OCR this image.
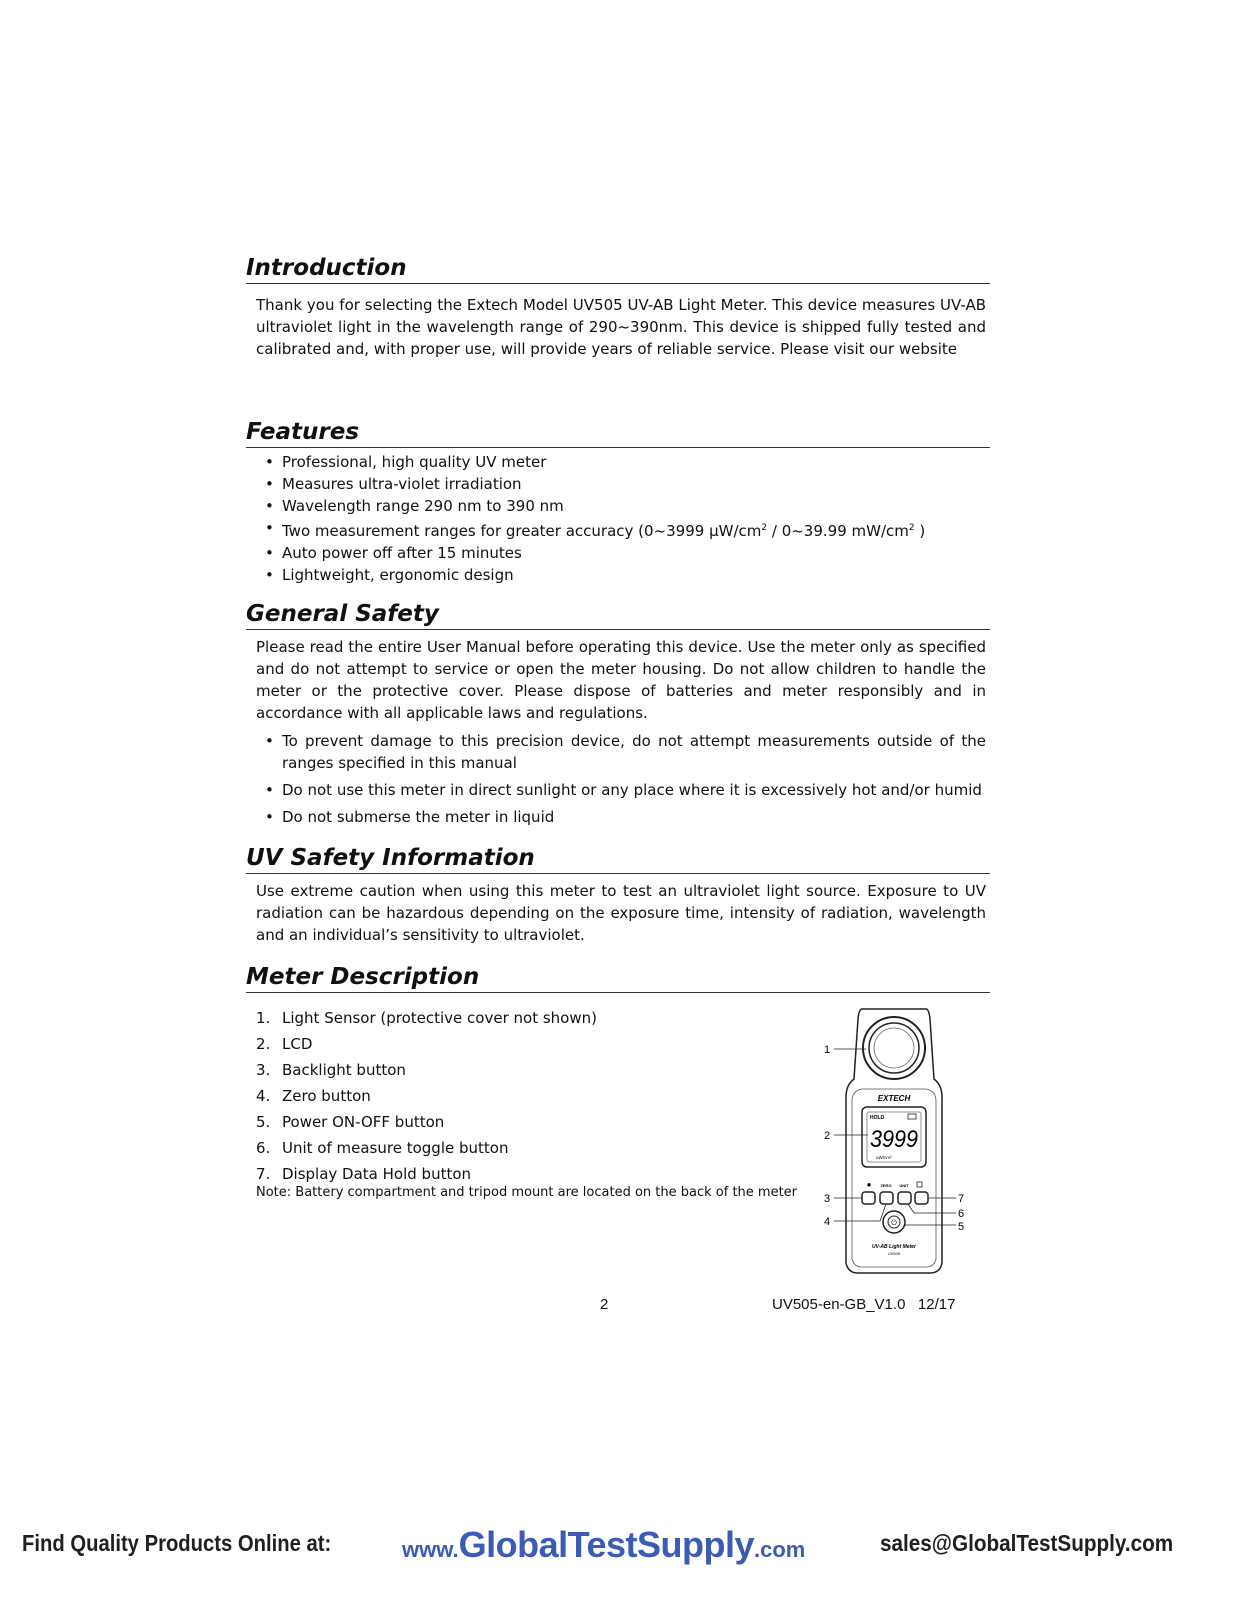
Introduction

Thank you for selecting the Extech Model UV505 UV-AB Light Meter. This device measures UV-AB ultraviolet light in the wavelength range of 290~390nm. This device is shipped fully tested and calibrated and, with proper use, will provide years of reliable service. Please visit our website

Features
• Professional, high quality UV meter
• Measures ultra-violet irradiation
• Wavelength range 290 nm to 390 nm
• Two measurement ranges for greater accuracy (0~3999 $\mu W/cm^2$ / 0~39.99 $mW/cm^2$ )
• Auto power off after 15 minutes
• Lightweight, ergonomic design
General Safety

Please read the entire User Manual before operating this device. Use the meter only as specified and do not attempt to service or open the meter housing. Do not allow children to handle the meter or the protective cover. Please dispose of batteries and meter responsibly and in accordance with all applicable laws and regulations.

• To prevent damage to this precision device, do not attempt measurements outside of the ranges specified in this manual
• Do not use this meter in direct sunlight or any place where it is excessively hot and/or humid
• Do not submerse the meter in liquid
UV Safety Information

Use extreme caution when using this meter to test an ultraviolet light source. Exposure to UV radiation can be hazardous depending on the exposure time, intensity of radiation, wavelength and an individual’s sensitivity to ultraviolet.

Meter Description
1. Light Sensor (protective cover not shown)
2. LCD
3. Backlight button
4. Zero button
5. Power ON-OFF button
6. Unit of measure toggle button
7. Display Data Hold button

Note: Battery compartment and tripod mount are located on the back of the meter

EXTECH
HOLD
3999
uW/cm²
✹ ZERO UNIT
⏻
UV-AB Light Meter
UV505
1
2
3
4	5
6
7
2	UV505-en-GB_V1.0   12/17
Find Quality Products Online at:	www.GlobalTestSupply.com	sales@GlobalTestSupply.com
